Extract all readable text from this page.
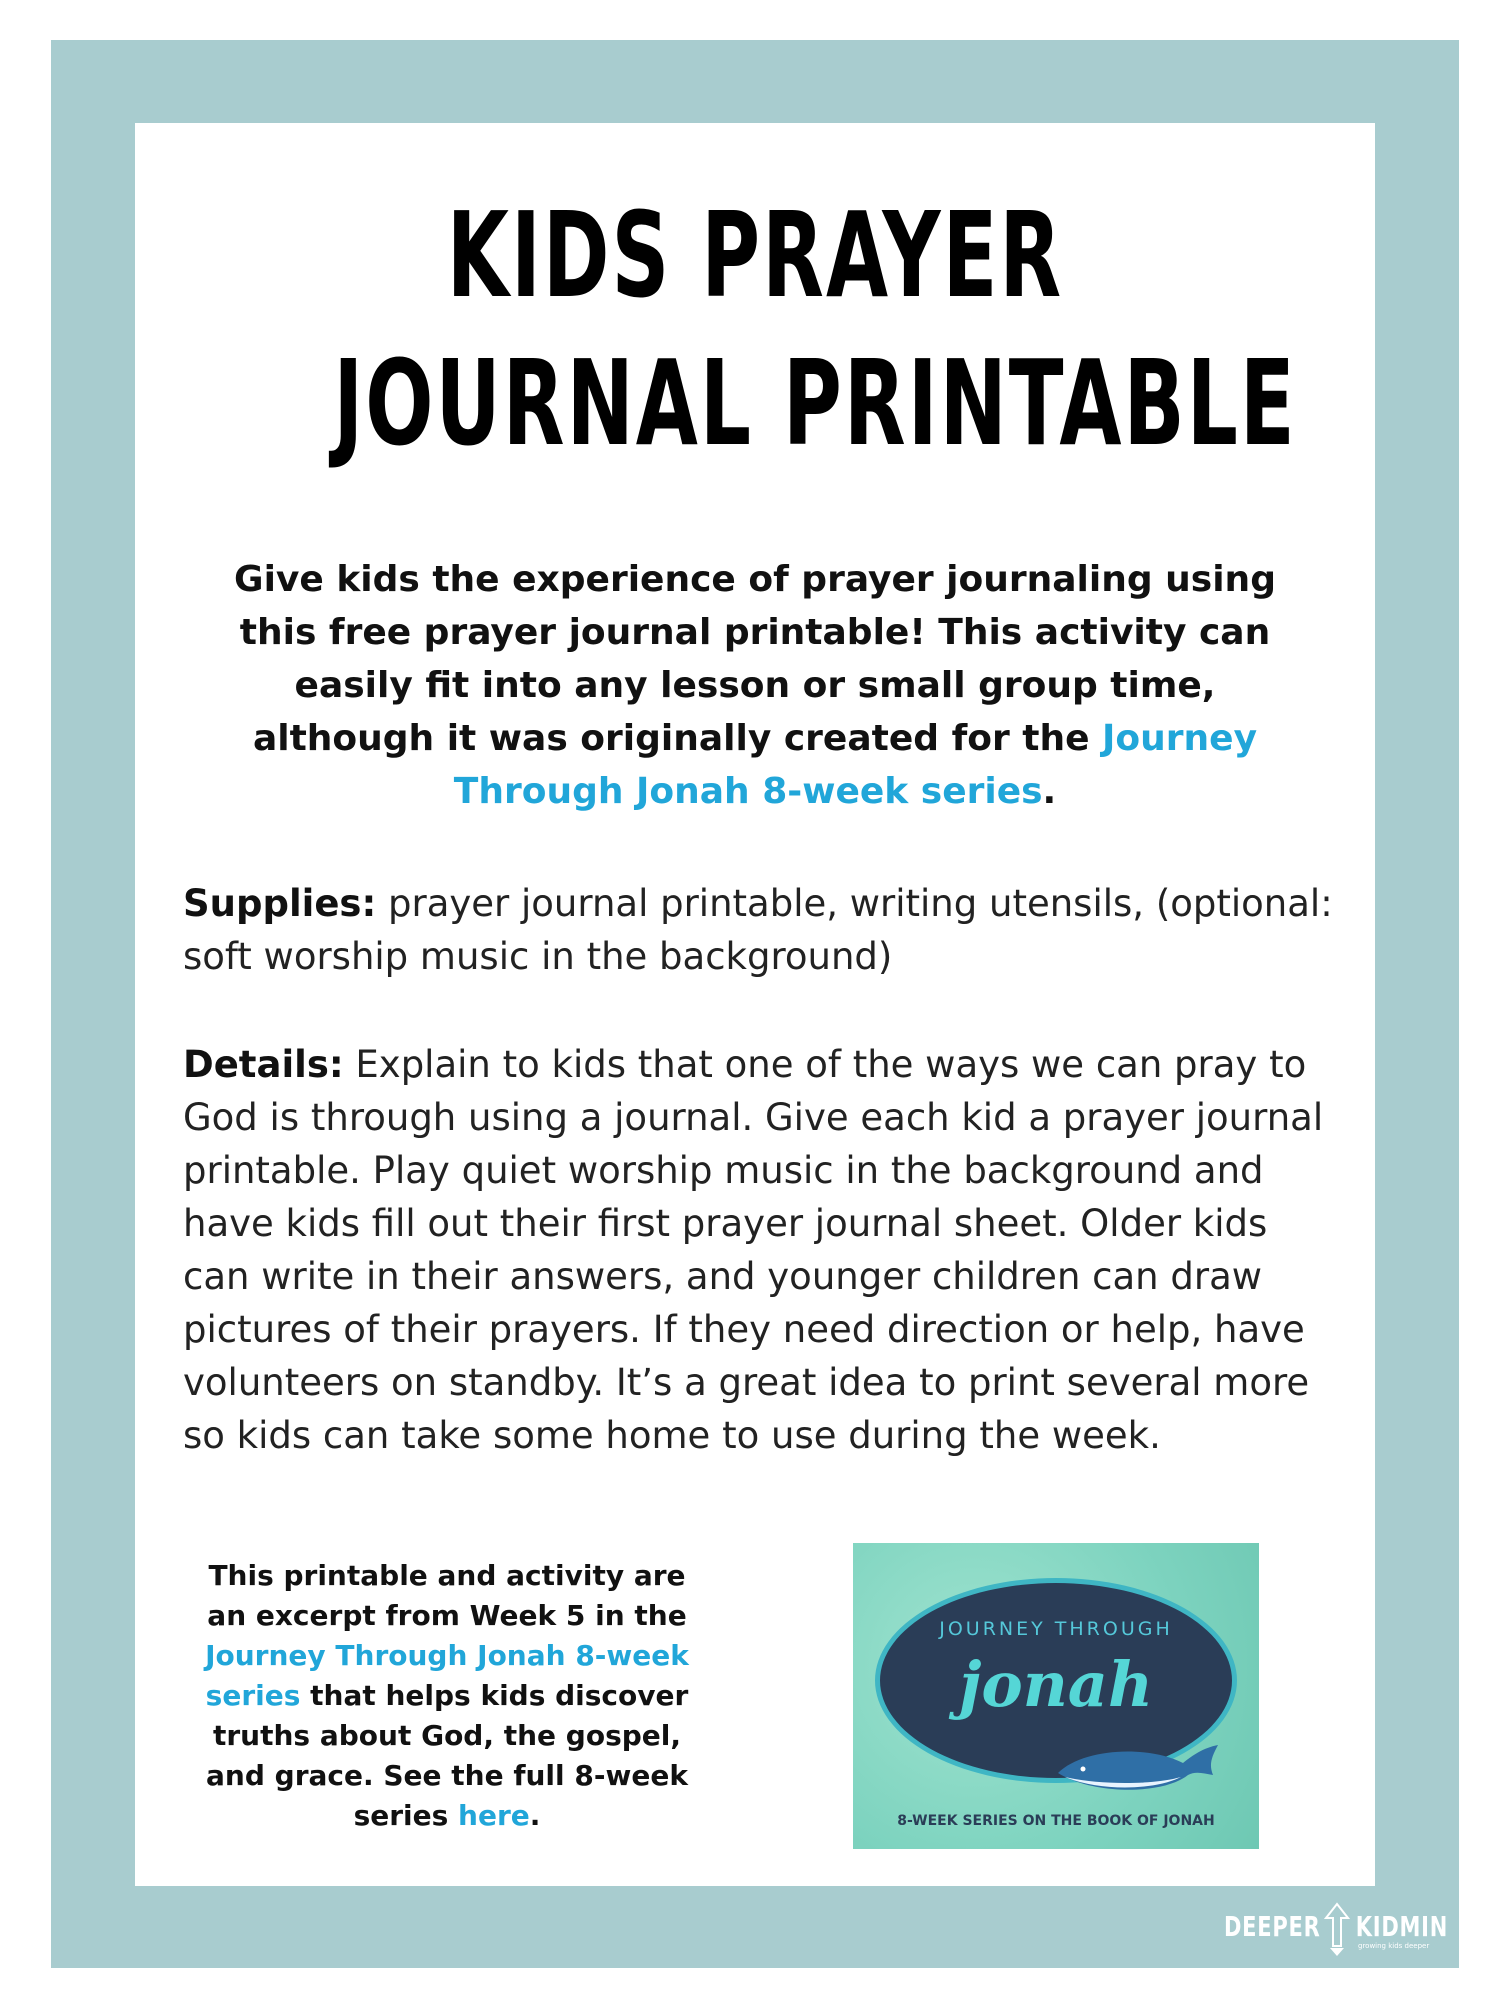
KIDS PRAYER
JOURNAL PRINTABLE

Give kids the experience of prayer journaling using this free prayer journal printable! This activity can easily fit into any lesson or small group time, although it was originally created for the Journey Through Jonah 8-week series.

Supplies: prayer journal printable, writing utensils, (optional: soft worship music in the background)

Details: Explain to kids that one of the ways we can pray to God is through using a journal. Give each kid a prayer journal printable. Play quiet worship music in the background and have kids fill out their first prayer journal sheet. Older kids can write in their answers, and younger children can draw pictures of their prayers. If they need direction or help, have volunteers on standby. It’s a great idea to print several more so kids can take some home to use during the week.

This printable and activity are an excerpt from Week 5 in the Journey Through Jonah 8-week series that helps kids discover truths about God, the gospel, and grace. See the full 8-week series here.

JOURNEY THROUGH
jonah
8-WEEK SERIES ON THE BOOK OF JONAH
DEEPER KIDMIN
growing kids deeper
